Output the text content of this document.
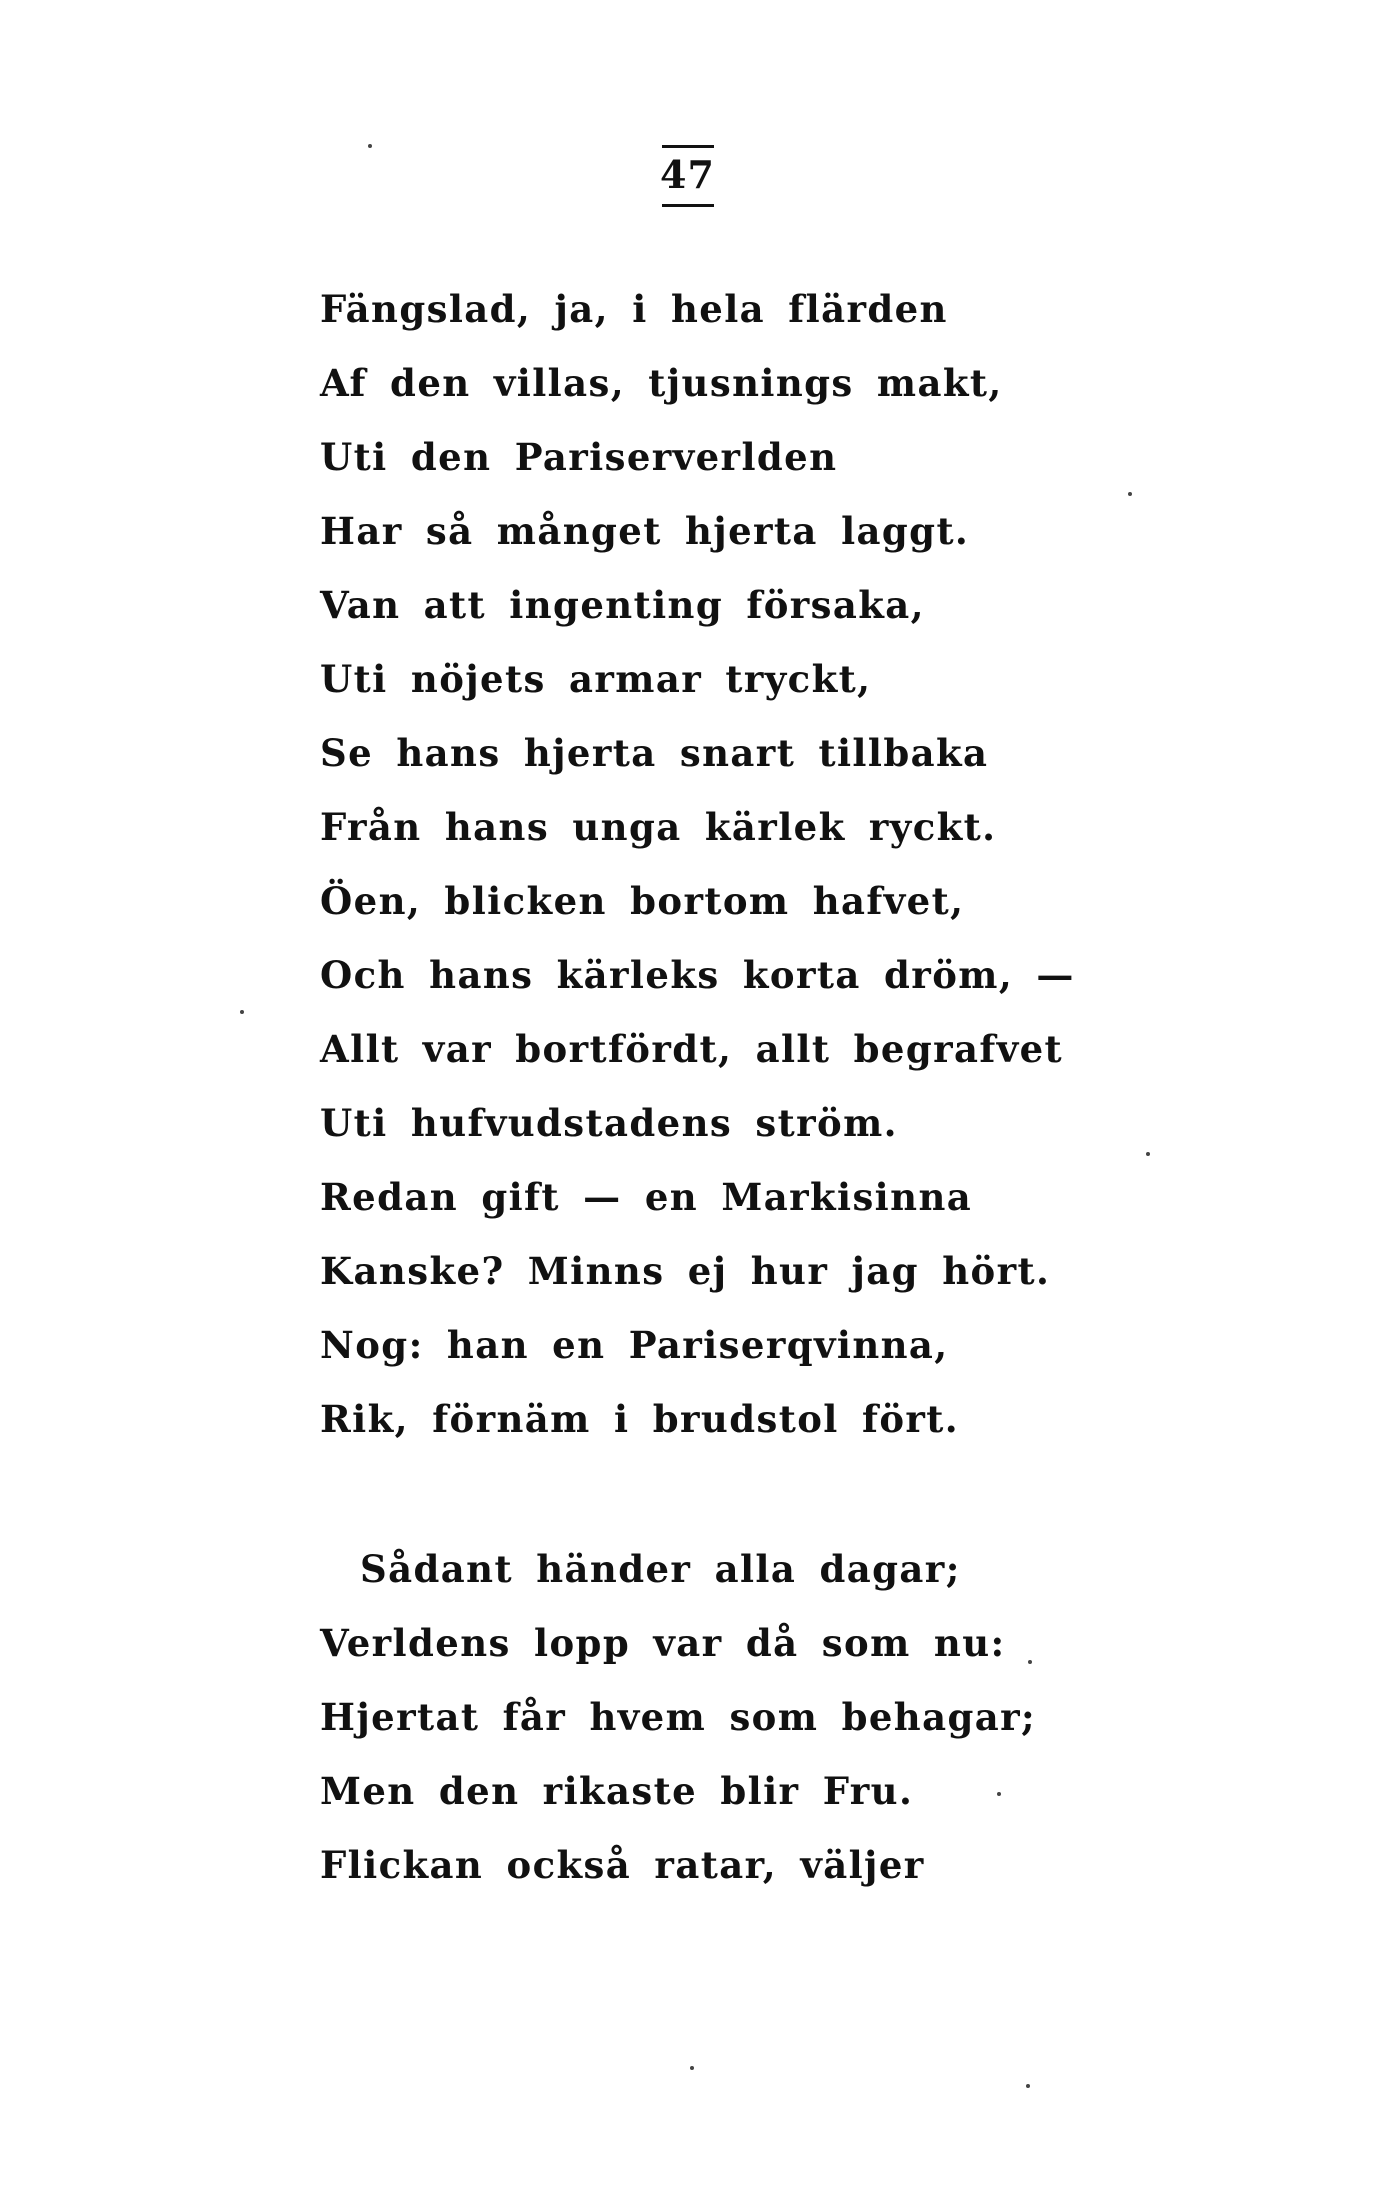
47
Fängslad, ja, i hela flärden
Af den villas, tjusnings makt,
Uti den Pariserverlden
Har så månget hjerta laggt.
Van att ingenting försaka,
Uti nöjets armar tryckt,
Se hans hjerta snart tillbaka
Från hans unga kärlek ryckt.
Öen, blicken bortom hafvet,
Och hans kärleks korta dröm, —
Allt var bortfördt, allt begrafvet
Uti hufvudstadens ström.
Redan gift — en Markisinna
Kanske? Minns ej hur jag hört.
Nog: han en Pariserqvinna,
Rik, förnäm i brudstol fört.
Sådant händer alla dagar;
Verldens lopp var då som nu:
Hjertat får hvem som behagar;
Men den rikaste blir Fru.
Flickan också ratar, väljer
